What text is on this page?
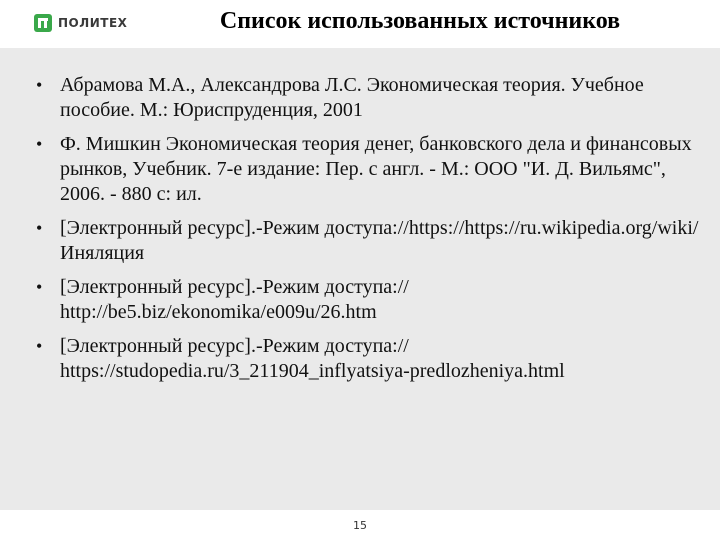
ПОЛИТЕХ	Список использованных источников
• Абрамова М.А., Александрова Л.С. Экономическая теория. Учебное пособие. М.: Юриспруденция, 2001
• Ф. Мишкин Экономическая теория денег, банковского дела и финансовых рынков, Учебник. 7-е издание: Пер. с англ. - М.: ООО "И. Д. Вильямс", 2006. - 880 с: ил.
• [Электронный ресурс].-Режим доступа://https://https://ru.wikipedia.org/wiki/Иняляция
• [Электронный ресурс].-Режим доступа:// http://be5.biz/ekonomika/e009u/26.htm
• [Электронный ресурс].-Режим доступа:// https://studopedia.ru/3_211904_inflyatsiya-predlozheniya.html
15
